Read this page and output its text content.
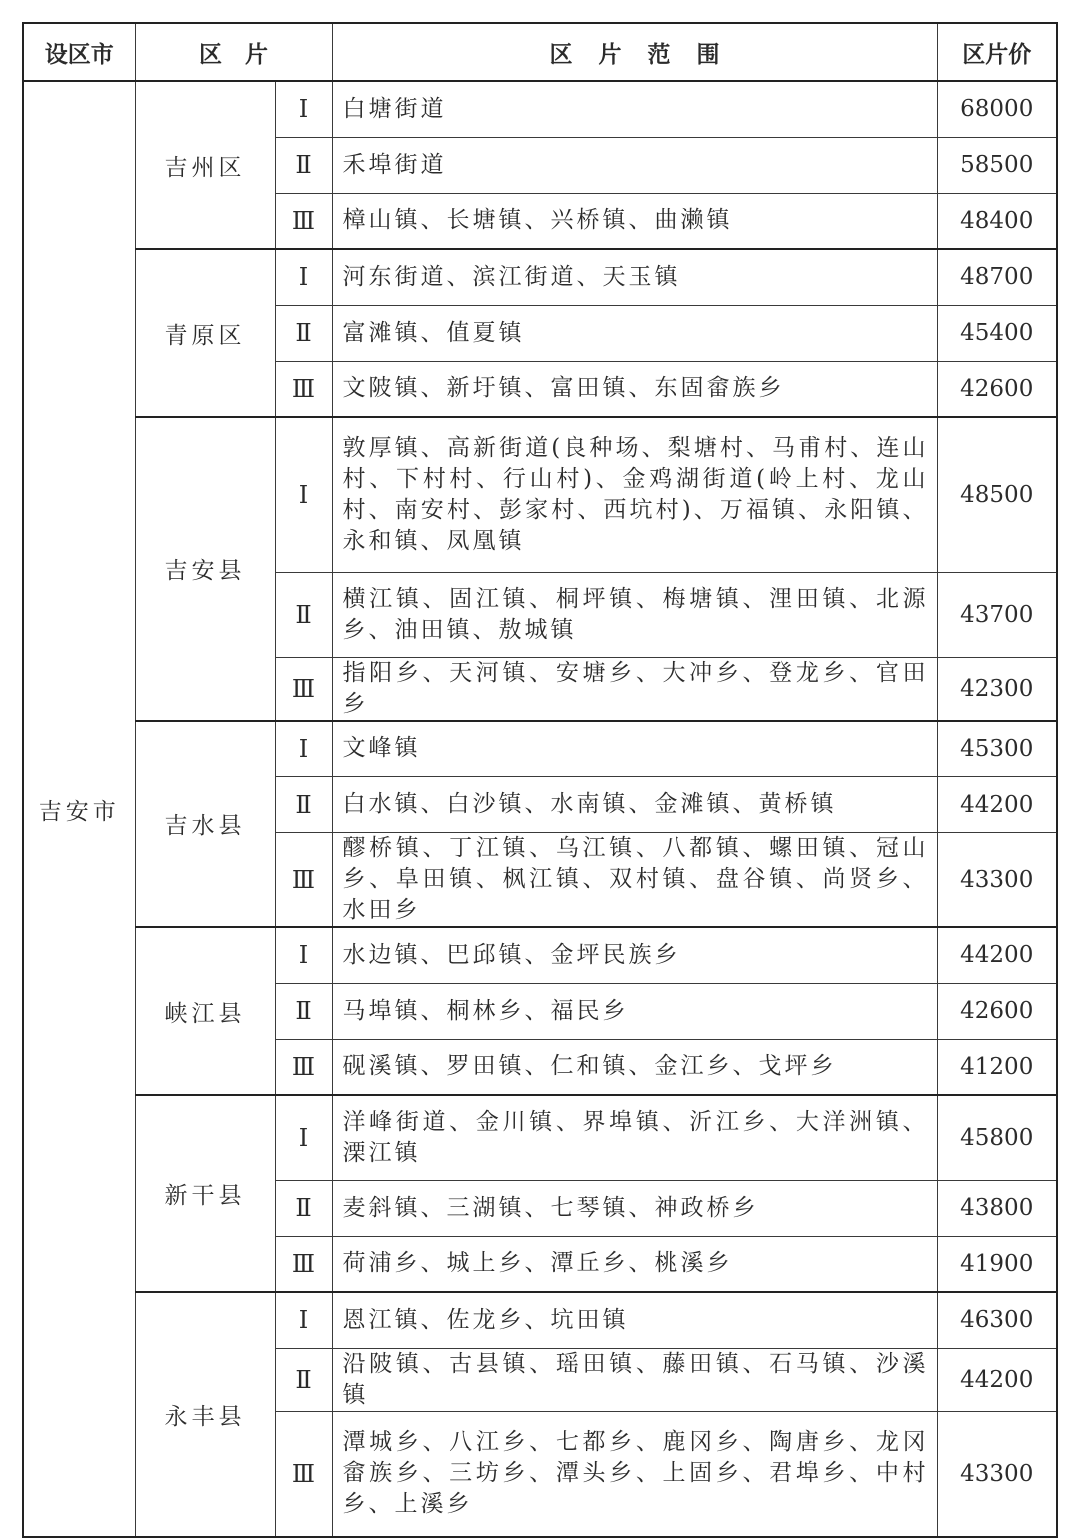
设区市	区　片		区片范围	区片价
吉安市	吉州区	Ⅰ	白塘街道	68000
		Ⅱ	禾埠街道	58500
		Ⅲ	樟山镇、长塘镇、兴桥镇、曲濑镇	48400
	青原区	Ⅰ	河东街道、滨江街道、天玉镇	48700
		Ⅱ	富滩镇、值夏镇	45400
		Ⅲ	文陂镇、新圩镇、富田镇、东固畲族乡	42600
	吉安县	Ⅰ	敦厚镇、高新街道(良种场、梨塘村、马甫村、连山村、下村村、行山村)、金鸡湖街道(岭上村、龙山村、南安村、彭家村、西坑村)、万福镇、永阳镇、永和镇、凤凰镇	48500
		Ⅱ	横江镇、固江镇、桐坪镇、梅塘镇、浬田镇、北源乡、油田镇、敖城镇	43700
		Ⅲ	指阳乡、天河镇、安塘乡、大冲乡、登龙乡、官田乡	42300
	吉水县	Ⅰ	文峰镇	45300
		Ⅱ	白水镇、白沙镇、水南镇、金滩镇、黄桥镇	44200
		Ⅲ	醪桥镇、丁江镇、乌江镇、八都镇、螺田镇、冠山乡、阜田镇、枫江镇、双村镇、盘谷镇、尚贤乡、水田乡	43300
	峡江县	Ⅰ	水边镇、巴邱镇、金坪民族乡	44200
		Ⅱ	马埠镇、桐林乡、福民乡	42600
		Ⅲ	砚溪镇、罗田镇、仁和镇、金江乡、戈坪乡	41200
	新干县	Ⅰ	洋峰街道、金川镇、界埠镇、沂江乡、大洋洲镇、溧江镇	45800
		Ⅱ	麦斜镇、三湖镇、七琴镇、神政桥乡	43800
		Ⅲ	荷浦乡、城上乡、潭丘乡、桃溪乡	41900
	永丰县	Ⅰ	恩江镇、佐龙乡、坑田镇	46300
		Ⅱ	沿陂镇、古县镇、瑶田镇、藤田镇、石马镇、沙溪镇	44200
		Ⅲ	潭城乡、八江乡、七都乡、鹿冈乡、陶唐乡、龙冈畲族乡、三坊乡、潭头乡、上固乡、君埠乡、中村乡、上溪乡	43300
